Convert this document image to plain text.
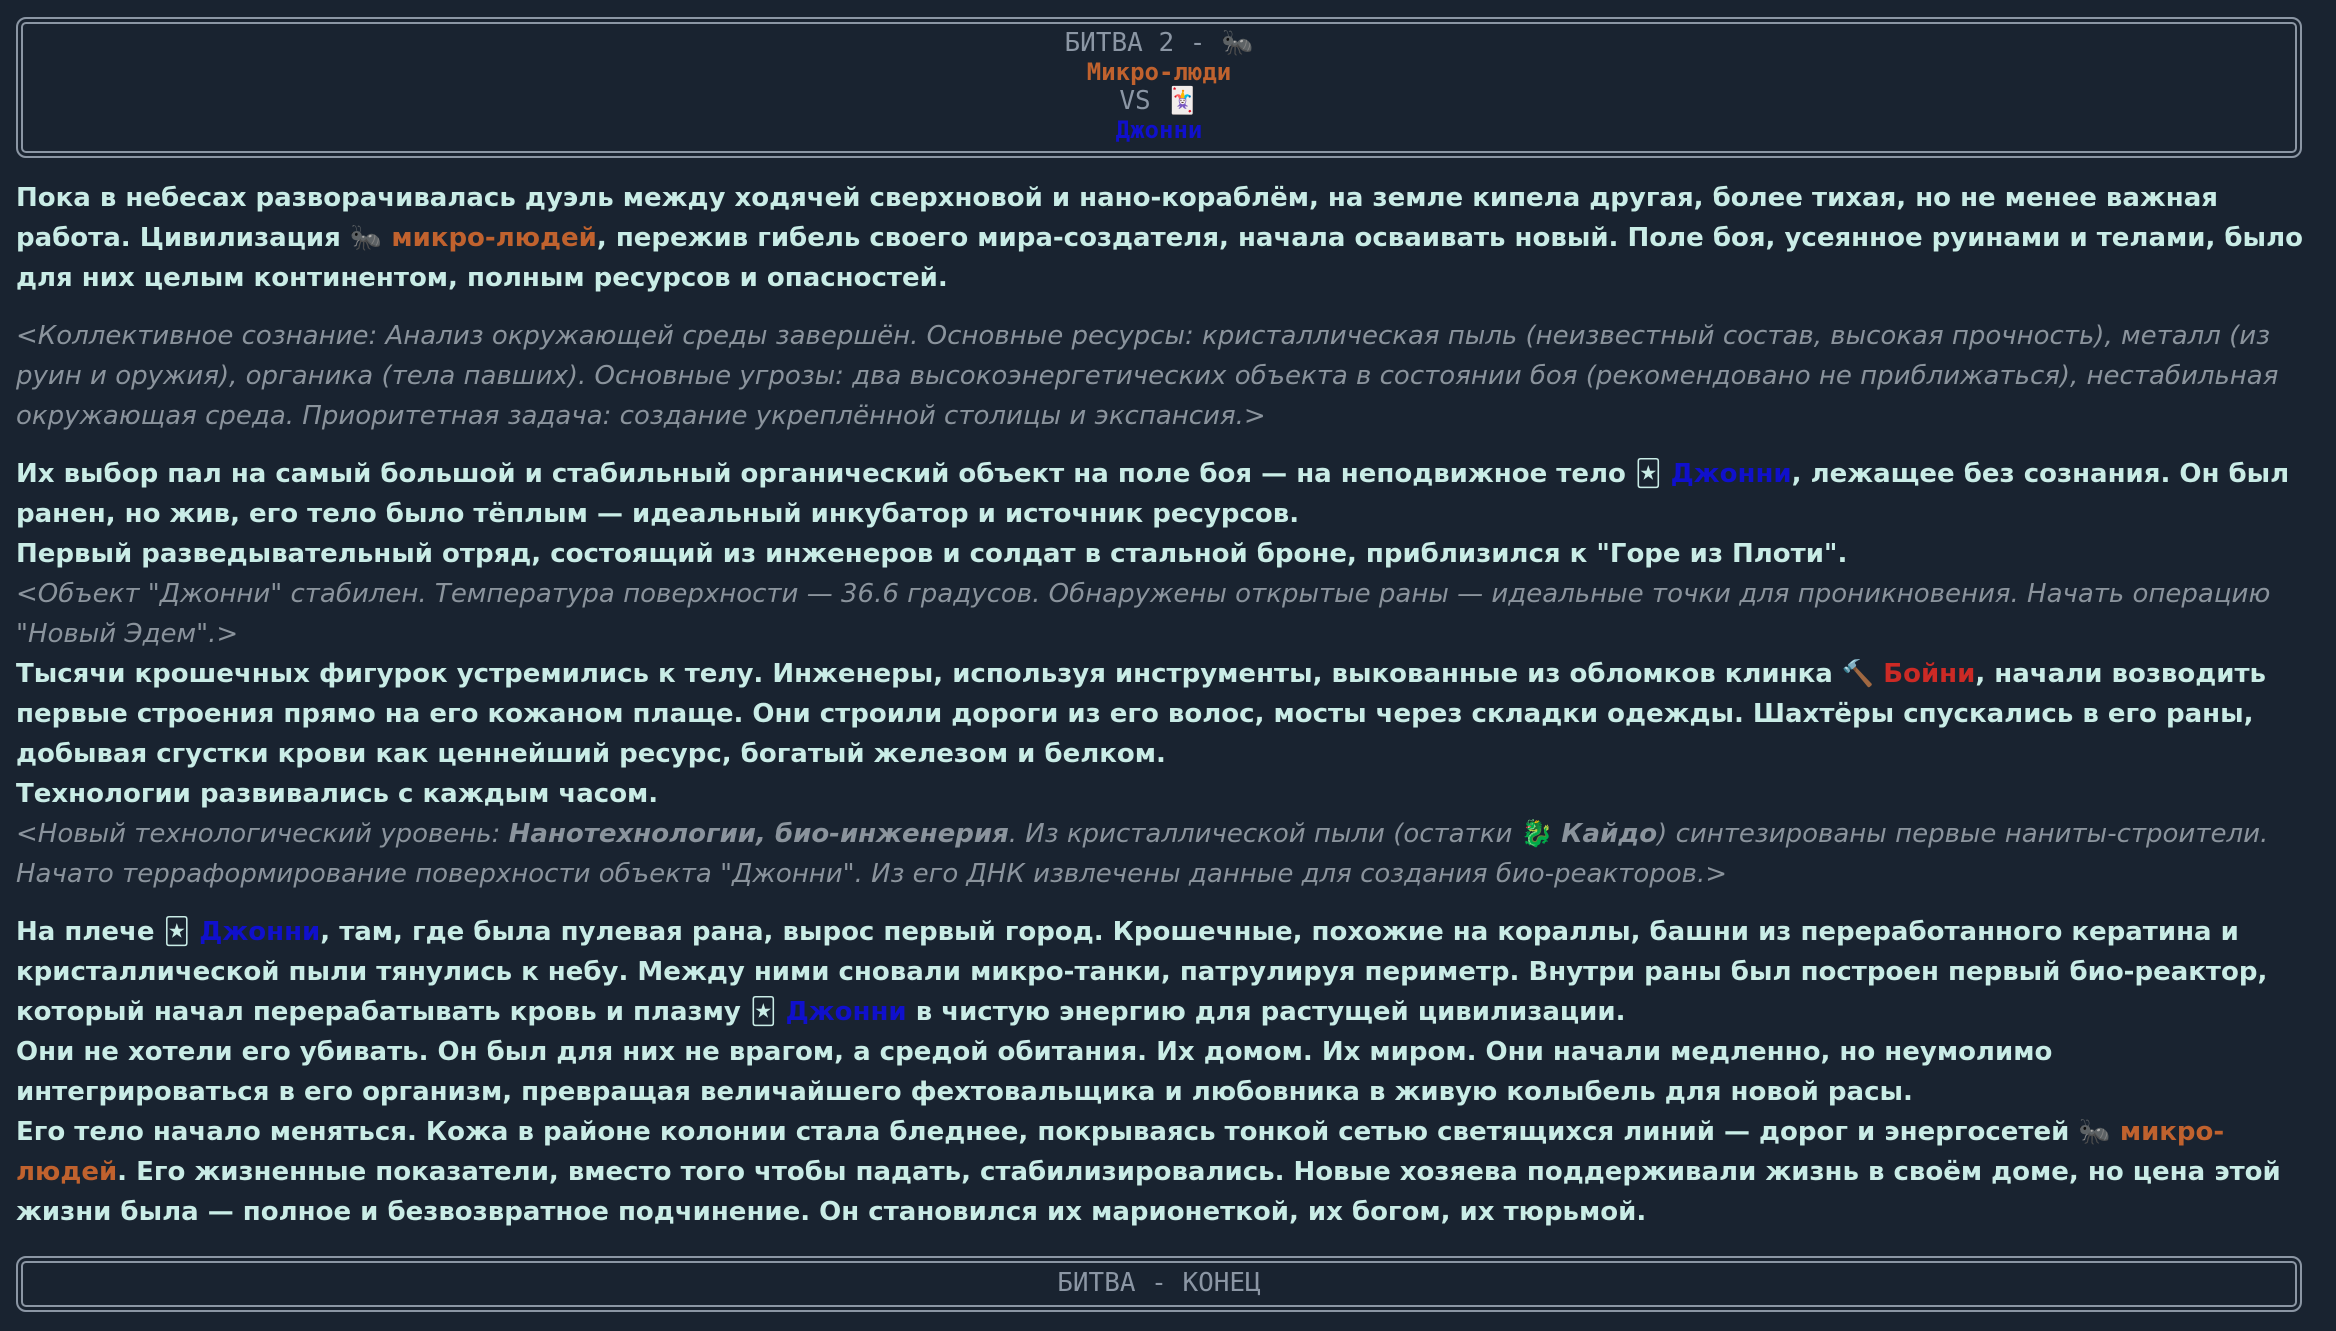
БИТВА 2 - 🐜
Микро-люди
VS 🃏
Джонни

Пока в небесах разворачивалась дуэль между ходячей сверхновой и нано-кораблём, на земле кипела другая, более тихая, но не менее важная работа. Цивилизация 🐜 микро-людей, пережив гибель своего мира-создателя, начала осваивать новый. Поле боя, усеянное руинами и телами, было для них целым континентом, полным ресурсов и опасностей.

<Коллективное сознание: Анализ окружающей среды завершён. Основные ресурсы: кристаллическая пыль (неизвестный состав, высокая прочность), металл (из руин и оружия), органика (тела павших). Основные угрозы: два высокоэнергетических объекта в состоянии боя (рекомендовано не приближаться), нестабильная окружающая среда. Приоритетная задача: создание укреплённой столицы и экспансия.>

Их выбор пал на самый большой и стабильный органический объект на поле боя — на неподвижное тело 🃏 Джонни, лежащее без сознания. Он был ранен, но жив, его тело было тёплым — идеальный инкубатор и источник ресурсов.

Первый разведывательный отряд, состоящий из инженеров и солдат в стальной броне, приблизился к "Горе из Плоти".

<Объект "Джонни" стабилен. Температура поверхности — 36.6 градусов. Обнаружены открытые раны — идеальные точки для проникновения. Начать операцию "Новый Эдем".>

Тысячи крошечных фигурок устремились к телу. Инженеры, используя инструменты, выкованные из обломков клинка 🔨 Бойни, начали возводить первые строения прямо на его кожаном плаще. Они строили дороги из его волос, мосты через складки одежды. Шахтёры спускались в его раны, добывая сгустки крови как ценнейший ресурс, богатый железом и белком.

Технологии развивались с каждым часом.

<Новый технологический уровень: Нанотехнологии, био-инженерия. Из кристаллической пыли (остатки 🐉 Кайдо) синтезированы первые наниты-строители. Начато терраформирование поверхности объекта "Джонни". Из его ДНК извлечены данные для создания био-реакторов.>

На плече 🃏 Джонни, там, где была пулевая рана, вырос первый город. Крошечные, похожие на кораллы, башни из переработанного кератина и кристаллической пыли тянулись к небу. Между ними сновали микро-танки, патрулируя периметр. Внутри раны был построен первый био-реактор, который начал перерабатывать кровь и плазму 🃏 Джонни в чистую энергию для растущей цивилизации.

Они не хотели его убивать. Он был для них не врагом, а средой обитания. Их домом. Их миром. Они начали медленно, но неумолимо интегрироваться в его организм, превращая величайшего фехтовальщика и любовника в живую колыбель для новой расы.

Его тело начало меняться. Кожа в районе колонии стала бледнее, покрываясь тонкой сетью светящихся линий — дорог и энергосетей 🐜 микро-людей. Его жизненные показатели, вместо того чтобы падать, стабилизировались. Новые хозяева поддерживали жизнь в своём доме, но цена этой жизни была — полное и безвозвратное подчинение. Он становился их марионеткой, их богом, их тюрьмой.

БИТВА - КОНЕЦ
